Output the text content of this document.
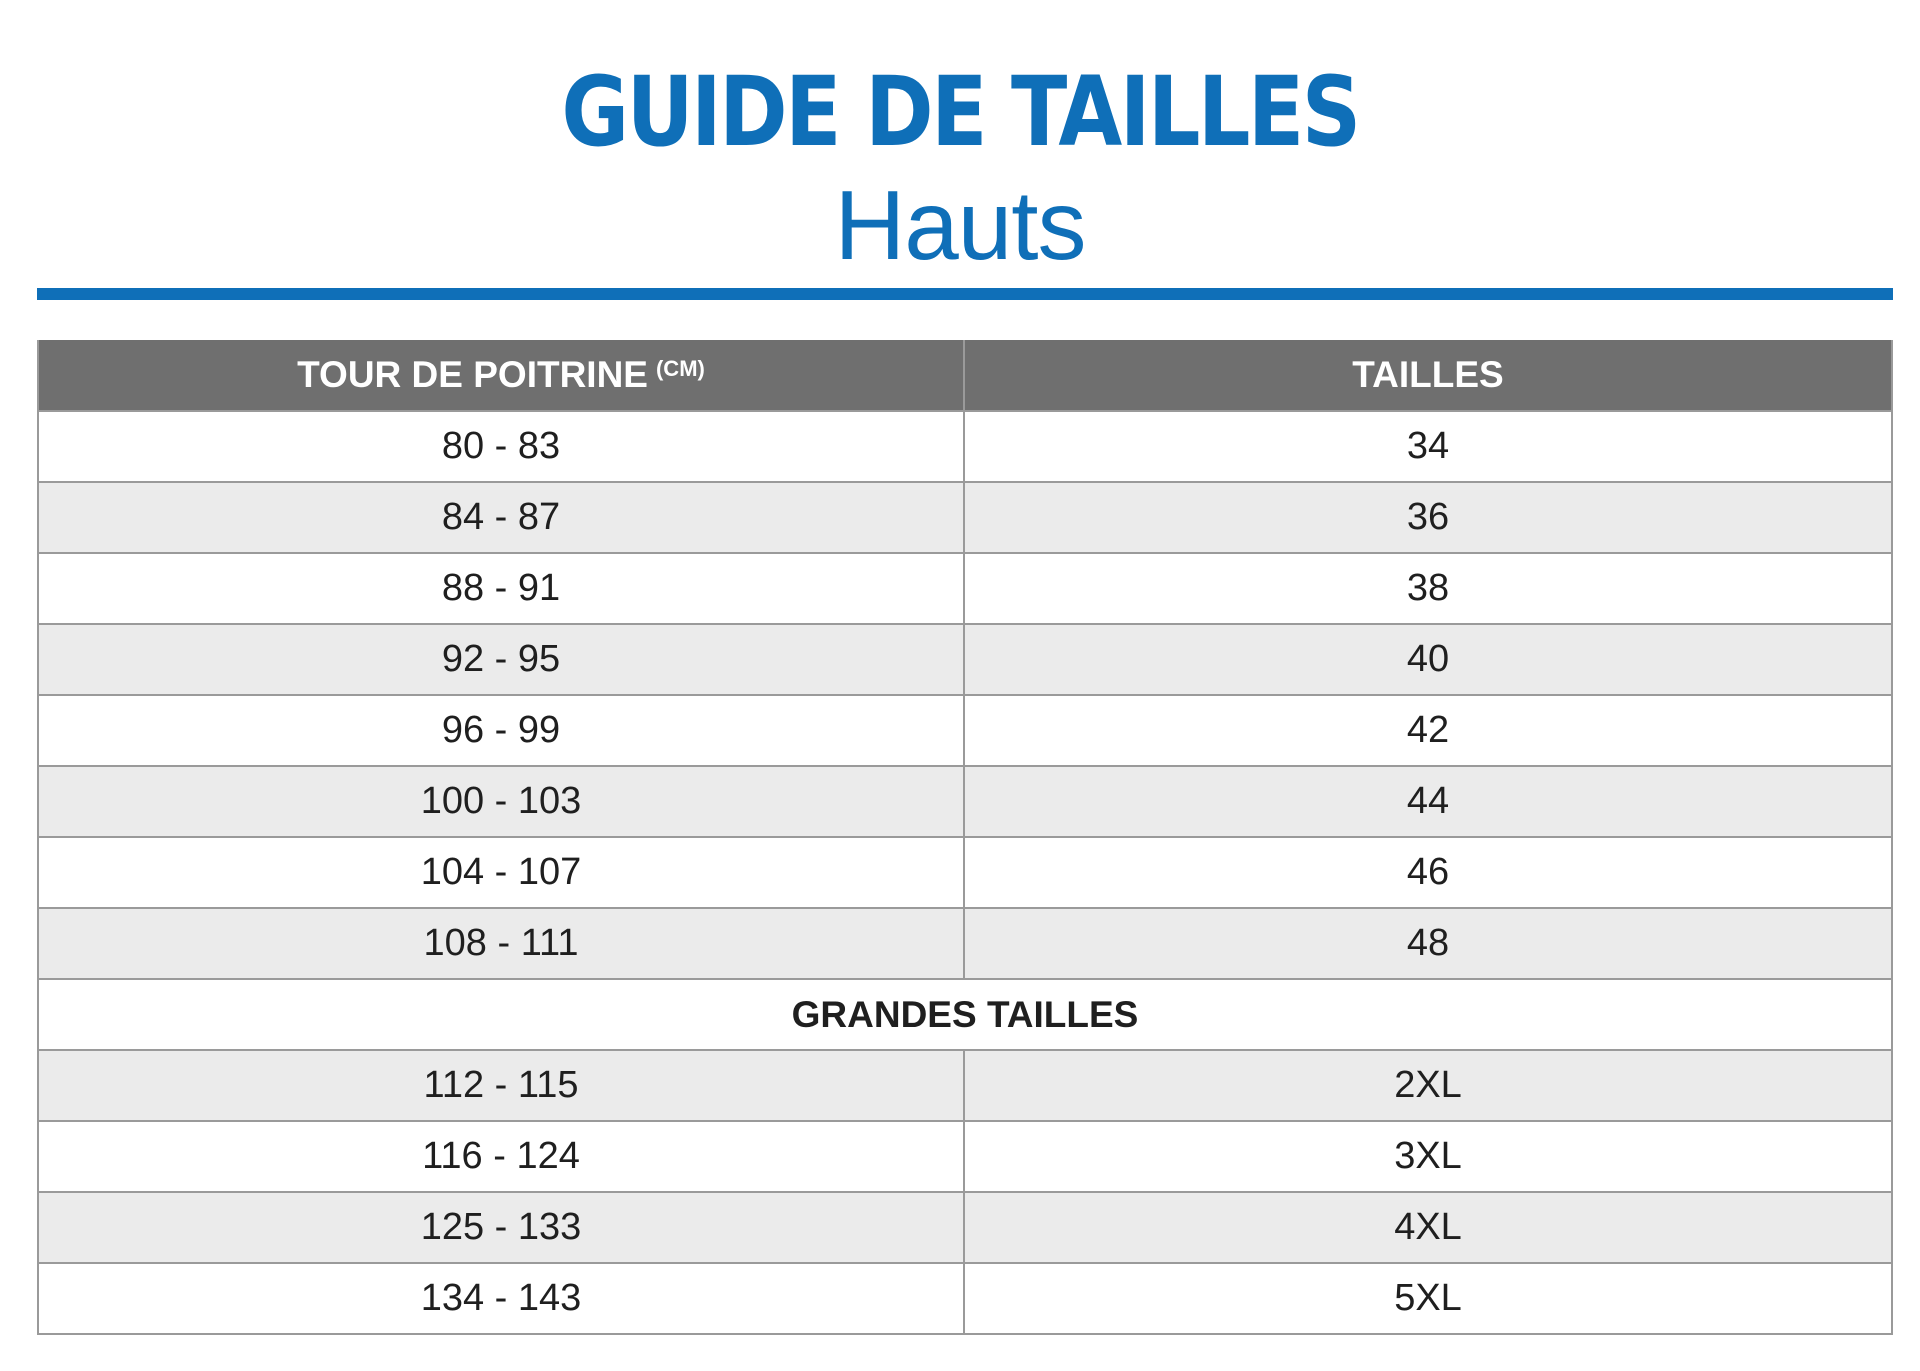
GUIDE DE TAILLES
Hauts
TOUR DE POITRINE (CM)	TAILLES
80 - 83	34
84 - 87	36
88 - 91	38
92 - 95	40
96 - 99	42
100 - 103	44
104 - 107	46
108 - 111	48
GRANDES TAILLES
112 - 115	2XL
116 - 124	3XL
125 - 133	4XL
134 - 143	5XL
